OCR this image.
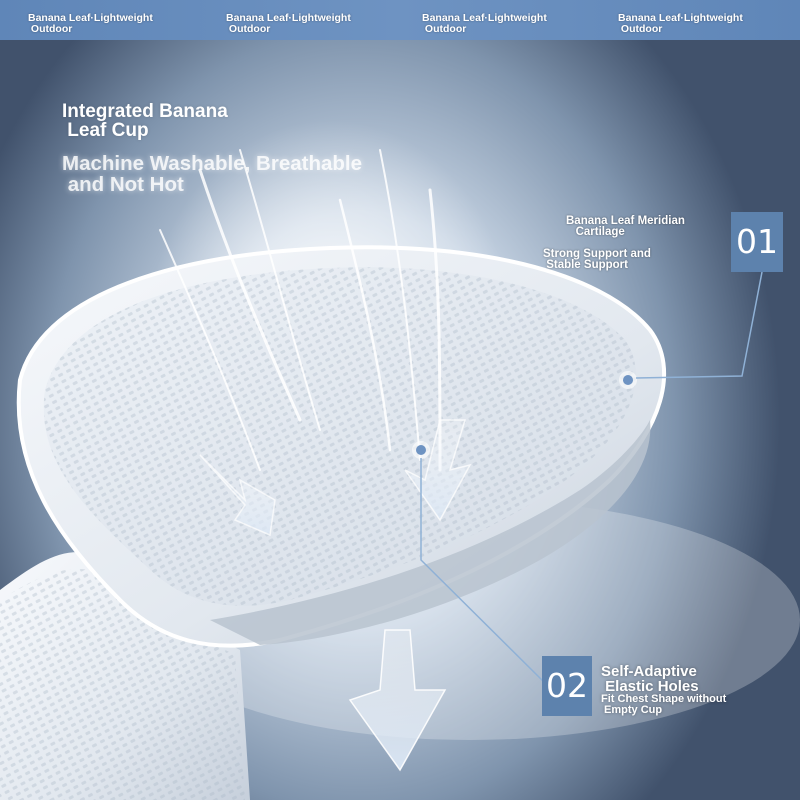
Banana Leaf·Lightweight
Outdoor
Banana Leaf·Lightweight
Outdoor
Banana Leaf·Lightweight
Outdoor
Banana Leaf·Lightweight
Outdoor
Integrated Banana
Leaf Cup
Machine Washable, Breathable
and Not Hot
Banana Leaf Meridian
Cartilage
Strong Support and
Stable Support
01
02 Self-Adaptive
Elastic Holes
Fit Chest Shape without
Empty Cup
